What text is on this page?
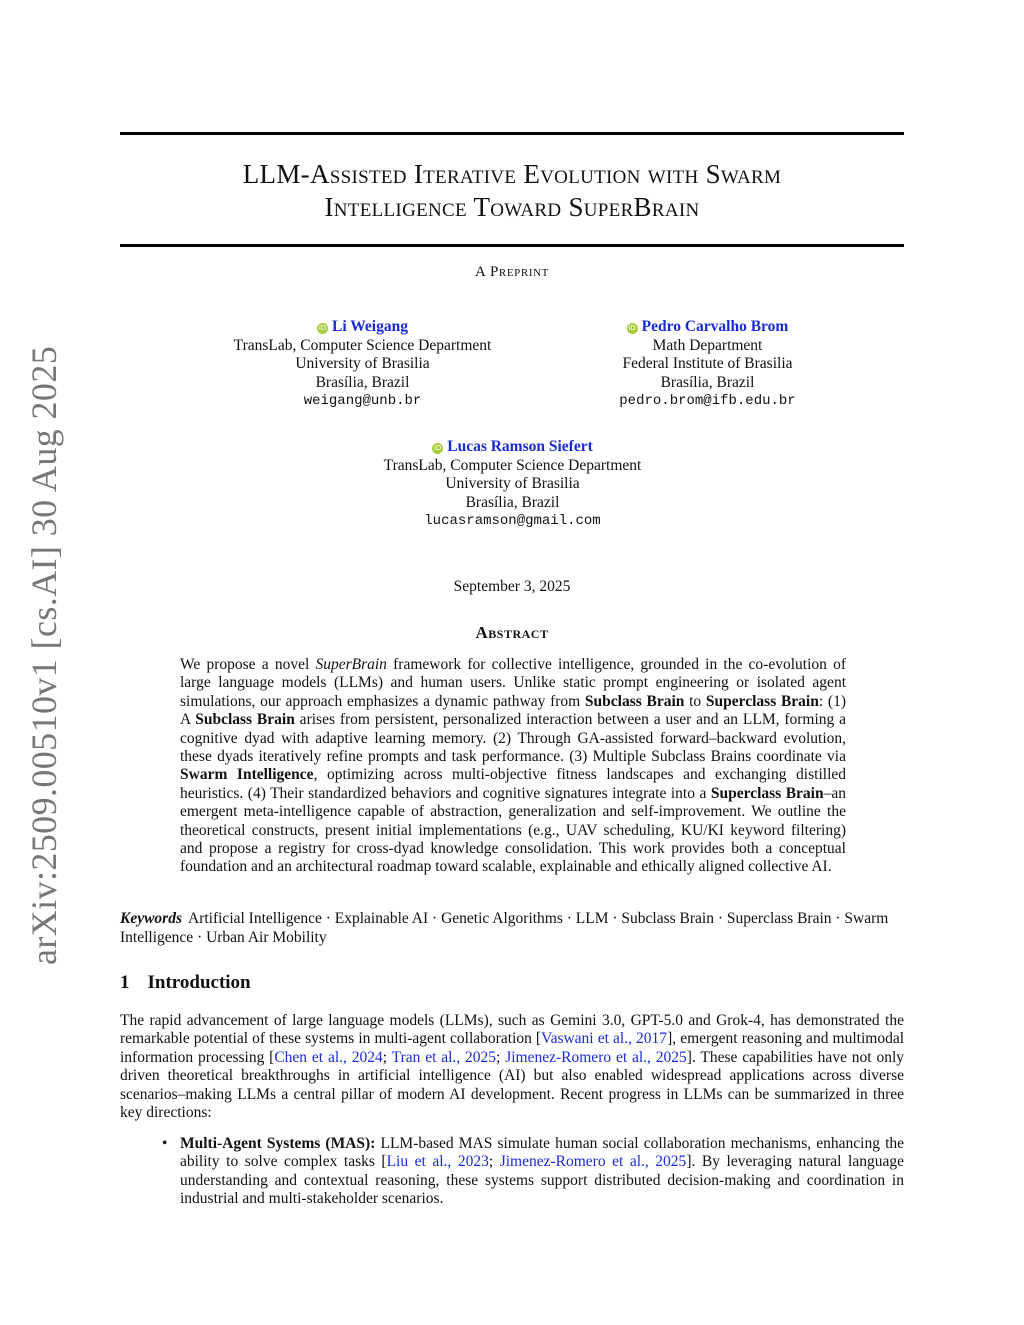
arXiv:2509.00510v1 [cs.AI] 30 Aug 2025
LLM-Assisted Iterative Evolution with Swarm
Intelligence Toward SuperBrain
A Preprint
iD Li Weigang
TransLab, Computer Science Department
University of Brasilia
Brasília, Brazil
weigang@unb.br
iD Pedro Carvalho Brom
Math Department
Federal Institute of Brasilia
Brasília, Brazil
pedro.brom@ifb.edu.br
iD Lucas Ramson Siefert
TransLab, Computer Science Department
University of Brasilia
Brasília, Brazil
lucasramson@gmail.com
September 3, 2025
Abstract
We propose a novel SuperBrain framework for collective intelligence, grounded in the co-evolution of large language models (LLMs) and human users. Unlike static prompt engineering or isolated agent simulations, our approach emphasizes a dynamic pathway from Subclass Brain to Superclass Brain: (1) A Subclass Brain arises from persistent, personalized interaction between a user and an LLM, forming a cognitive dyad with adaptive learning memory. (2) Through GA-assisted forward–backward evolution, these dyads iteratively refine prompts and task performance. (3) Multiple Subclass Brains coordinate via Swarm Intelligence, optimizing across multi-objective fitness landscapes and exchanging distilled heuristics. (4) Their standardized behaviors and cognitive signatures integrate into a Superclass Brain–an emergent meta-intelligence capable of abstraction, generalization and self-improvement. We outline the theoretical constructs, present initial implementations (e.g., UAV scheduling, KU/KI keyword filtering) and propose a registry for cross-dyad knowledge consolidation. This work provides both a conceptual foundation and an architectural roadmap toward scalable, explainable and ethically aligned collective AI.
Keywords Artificial Intelligence · Explainable AI · Genetic Algorithms · LLM · Subclass Brain · Superclass Brain · Swarm Intelligence · Urban Air Mobility
1 Introduction
The rapid advancement of large language models (LLMs), such as Gemini 3.0, GPT-5.0 and Grok-4, has demonstrated the remarkable potential of these systems in multi-agent collaboration [Vaswani et al., 2017], emergent reasoning and multimodal information processing [Chen et al., 2024; Tran et al., 2025; Jimenez-Romero et al., 2025]. These capabilities have not only driven theoretical breakthroughs in artificial intelligence (AI) but also enabled widespread applications across diverse scenarios–making LLMs a central pillar of modern AI development. Recent progress in LLMs can be summarized in three key directions:
• Multi-Agent Systems (MAS): LLM-based MAS simulate human social collaboration mechanisms, enhancing the ability to solve complex tasks [Liu et al., 2023; Jimenez-Romero et al., 2025]. By leveraging natural language understanding and contextual reasoning, these systems support distributed decision-making and coordination in industrial and multi-stakeholder scenarios.
